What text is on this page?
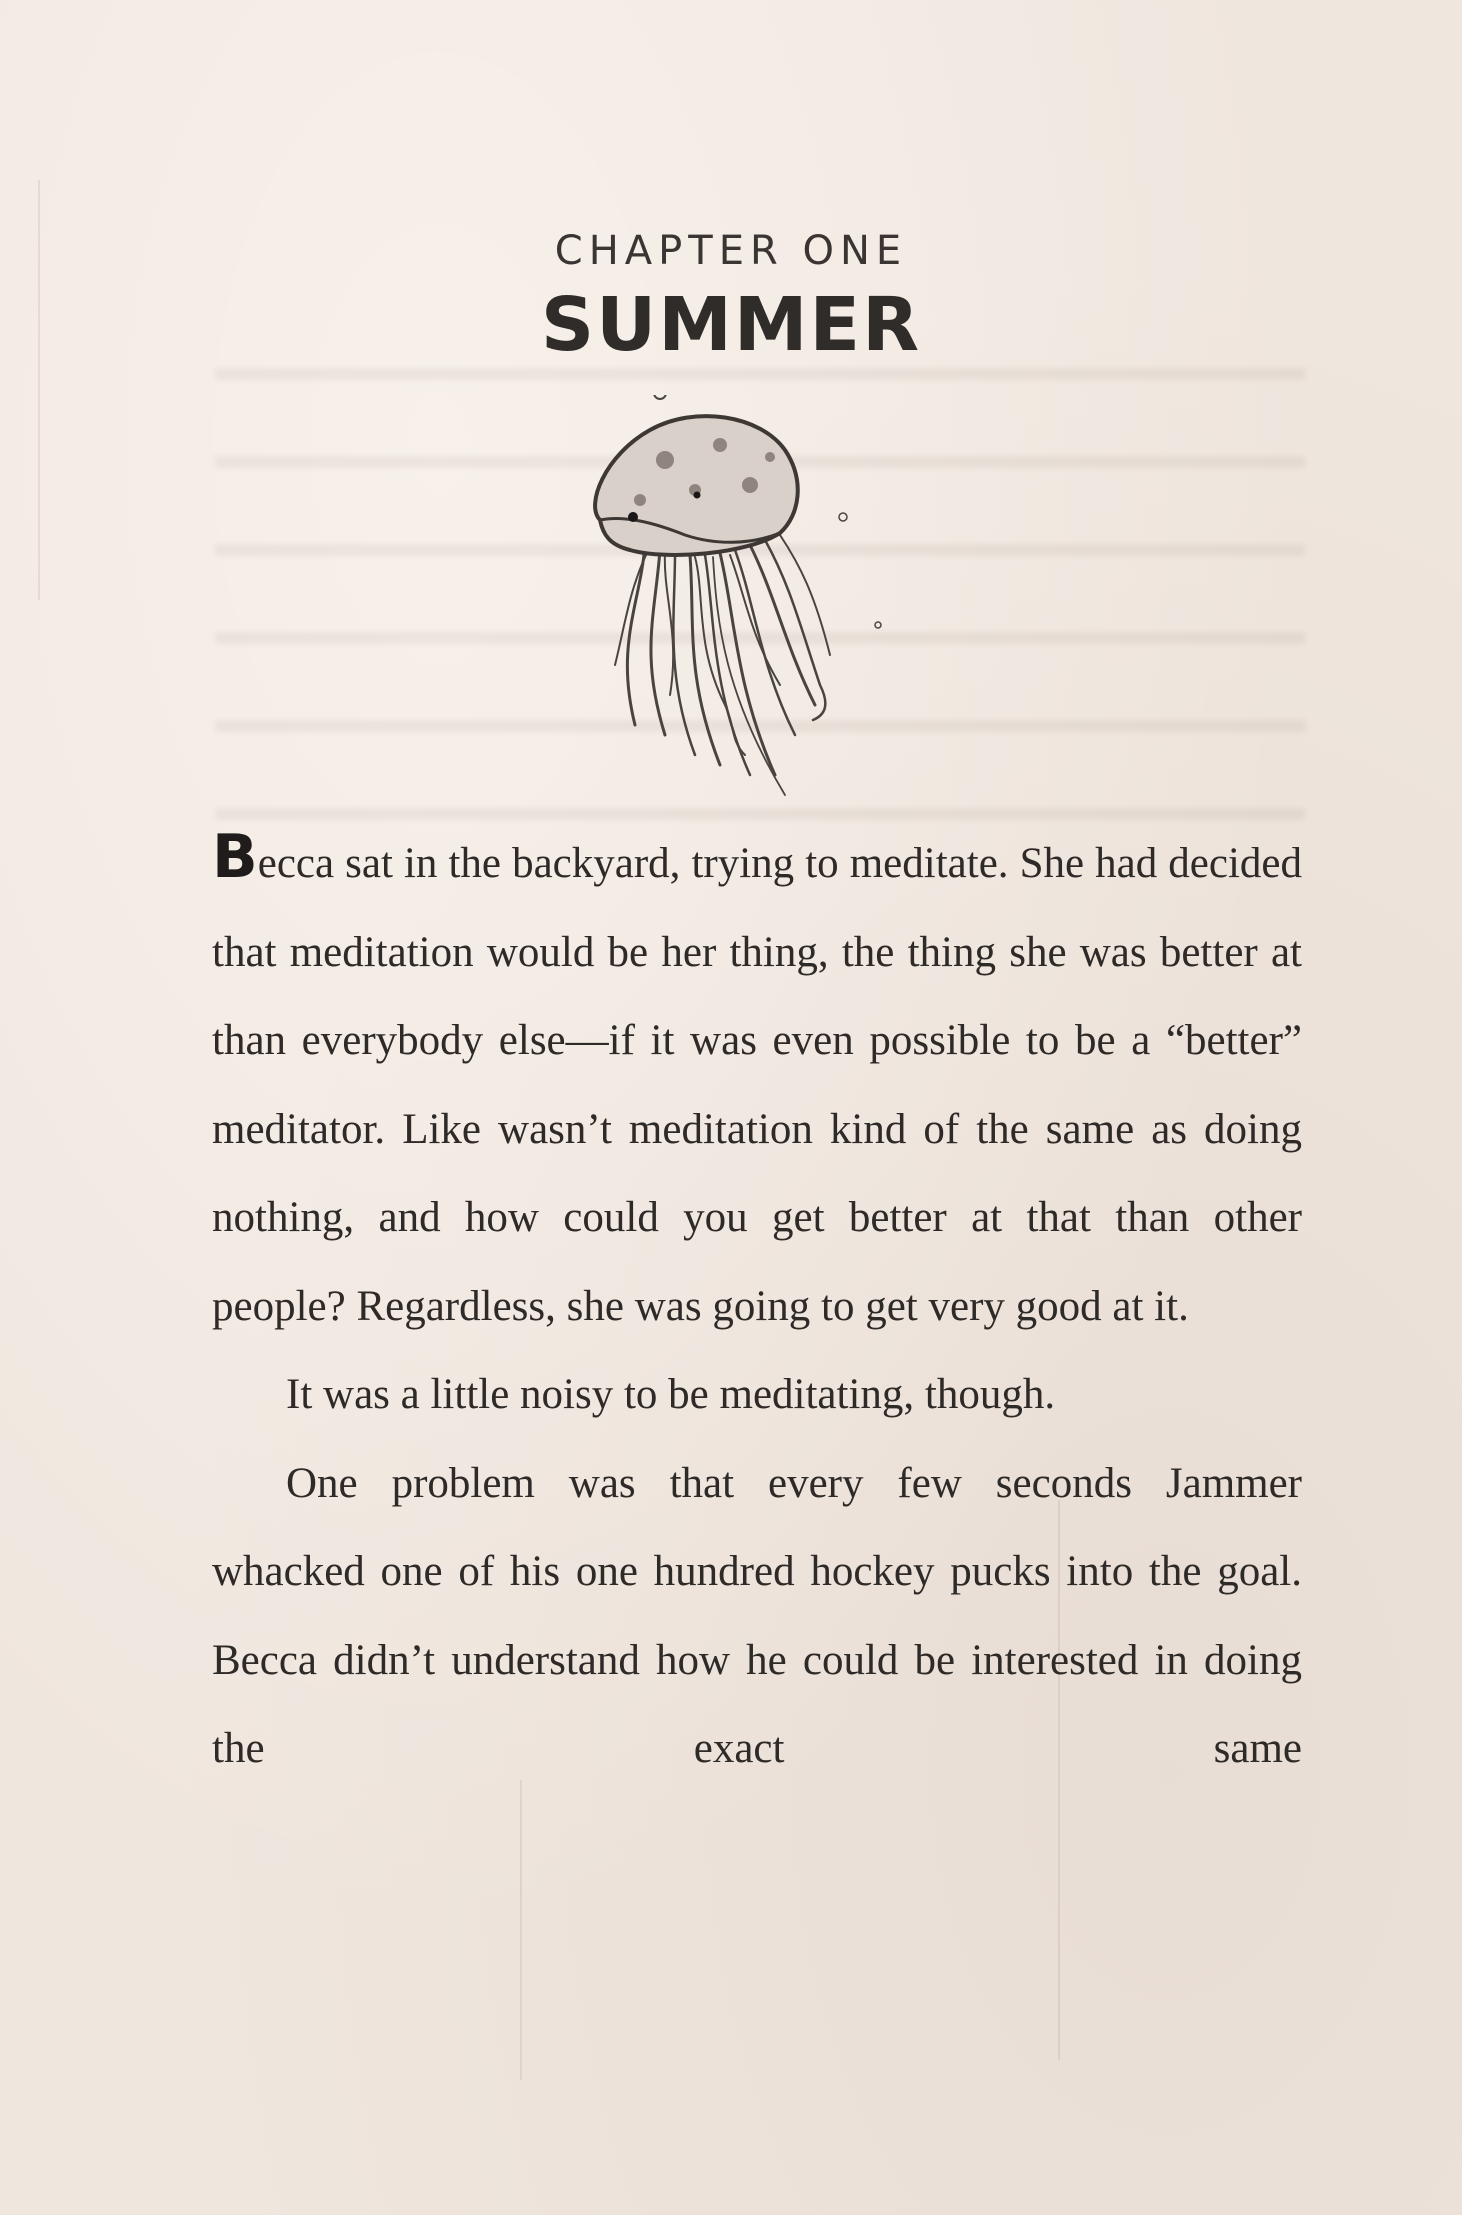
CHAPTER ONE
SUMMER

Becca sat in the backyard, trying to meditate. She had decided that meditation would be her thing, the thing she was better at than everybody else—if it was even possible to be a “better” meditator. Like wasn’t meditation kind of the same as doing nothing, and how could you get better at that than other people? Regardless, she was going to get very good at it.

It was a little noisy to be meditating, though.

One problem was that every few seconds Jammer whacked one of his one hundred hockey pucks into the goal. Becca didn’t understand how he could be interested in doing the exact same
